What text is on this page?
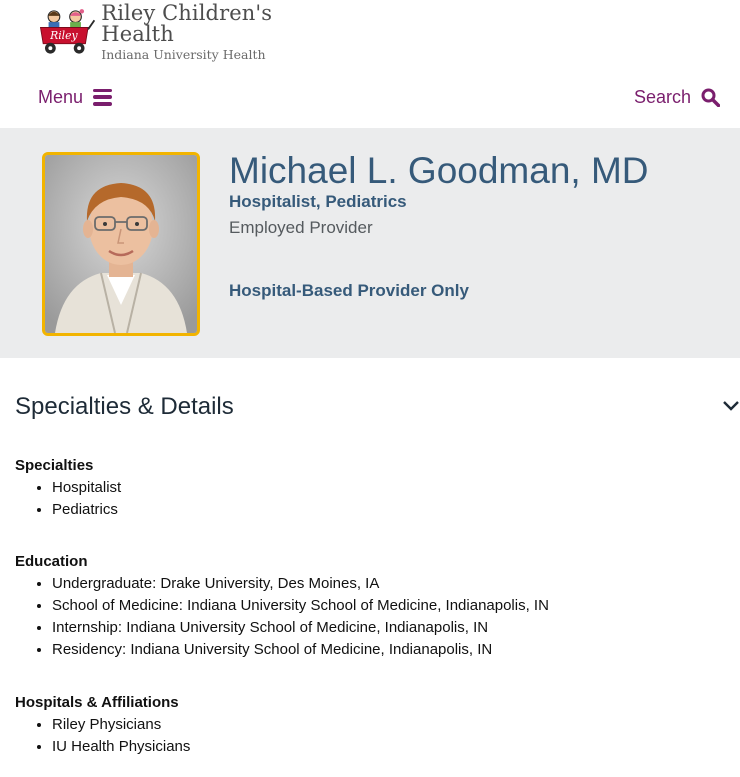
Riley
Riley Children's Health
Indiana University Health
Menu	Search
Michael L. Goodman, MD
Hospitalist, Pediatrics
Employed Provider
Hospital-Based Provider Only
Specialties & Details
Specialties
• Hospitalist
• Pediatrics
Education
• Undergraduate: Drake University, Des Moines, IA
• School of Medicine: Indiana University School of Medicine, Indianapolis, IN
• Internship: Indiana University School of Medicine, Indianapolis, IN
• Residency: Indiana University School of Medicine, Indianapolis, IN
Hospitals & Affiliations
• Riley Physicians
• IU Health Physicians
